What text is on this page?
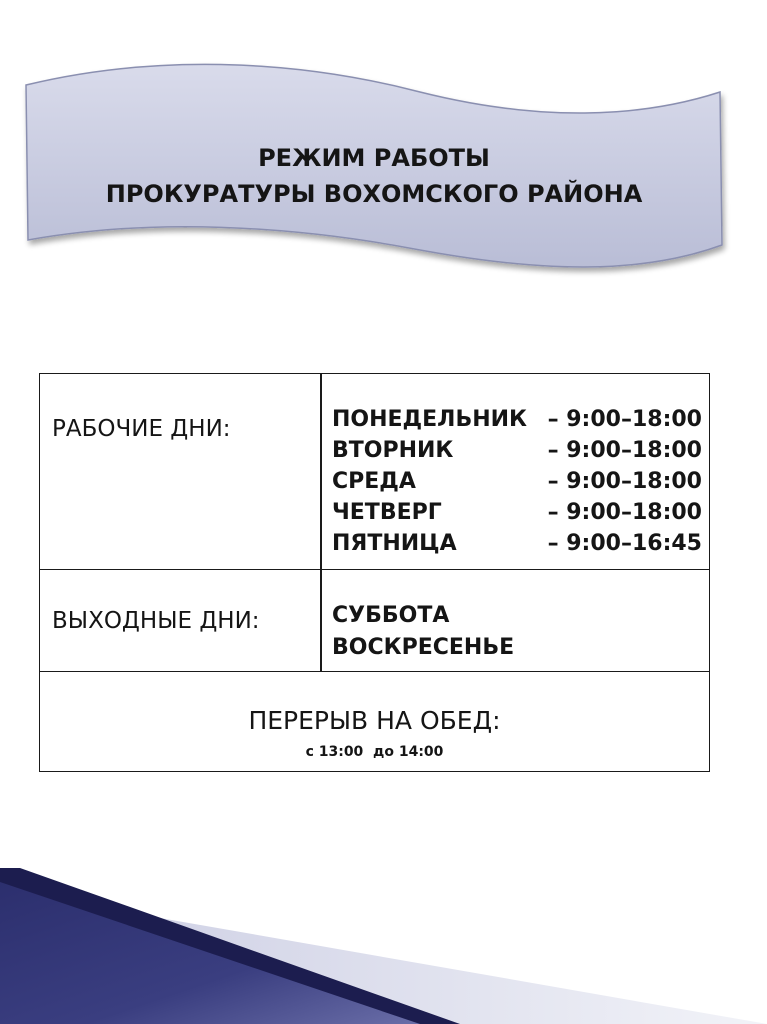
РЕЖИМ РАБОТЫ
ПРОКУРАТУРЫ ВОХОМСКОГО РАЙОНА
РАБОЧИЕ ДНИ:	ПОНЕДЕЛЬНИК – 9:00–18:00
ВТОРНИК	– 9:00–18:00
СРЕДА	– 9:00–18:00
ЧЕТВЕРГ	– 9:00–18:00
ПЯТНИЦА	– 9:00–16:45
ВЫХОДНЫЕ ДНИ:	СУББОТА
ВОСКРЕСЕНЬЕ
ПЕРЕРЫВ НА ОБЕД:
с 13:00  до 14:00
